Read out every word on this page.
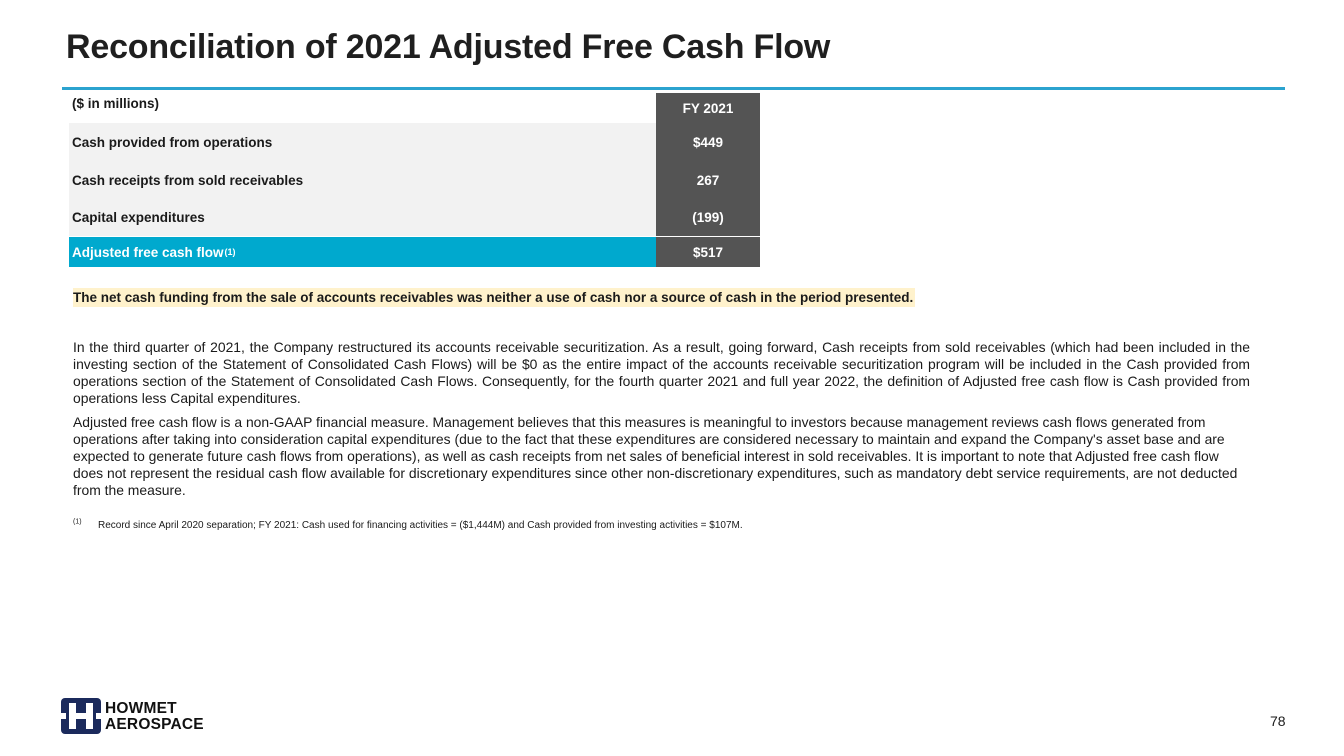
Reconciliation of 2021 Adjusted Free Cash Flow
($ in millions)	FY 2021
Cash provided from operations	$449
Cash receipts from sold receivables	267
Capital expenditures	(199)
Adjusted free cash flow (1)	$517
The net cash funding from the sale of accounts receivables was neither a use of cash nor a source of cash in the period presented.
In the third quarter of 2021, the Company restructured its accounts receivable securitization. As a result, going forward, Cash receipts from sold receivables (which had been included in the investing section of the Statement of Consolidated Cash Flows) will be $0 as the entire impact of the accounts receivable securitization program will be included in the Cash provided from operations section of the Statement of Consolidated Cash Flows. Consequently, for the fourth quarter 2021 and full year 2022, the definition of Adjusted free cash flow is Cash provided from operations less Capital expenditures.
Adjusted free cash flow is a non-GAAP financial measure. Management believes that this measures is meaningful to investors because management reviews cash flows generated from operations after taking into consideration capital expenditures (due to the fact that these expenditures are considered necessary to maintain and expand the Company's asset base and are expected to generate future cash flows from operations), as well as cash receipts from net sales of beneficial interest in sold receivables. It is important to note that Adjusted free cash flow does not represent the residual cash flow available for discretionary expenditures since other non-discretionary expenditures, such as mandatory debt service requirements, are not deducted from the measure.
$^{(1)}$ Record since April 2020 separation; FY 2021: Cash used for financing activities = ($1,444M) and Cash provided from investing activities = $107M.
HOWMET
AEROSPACE	78
